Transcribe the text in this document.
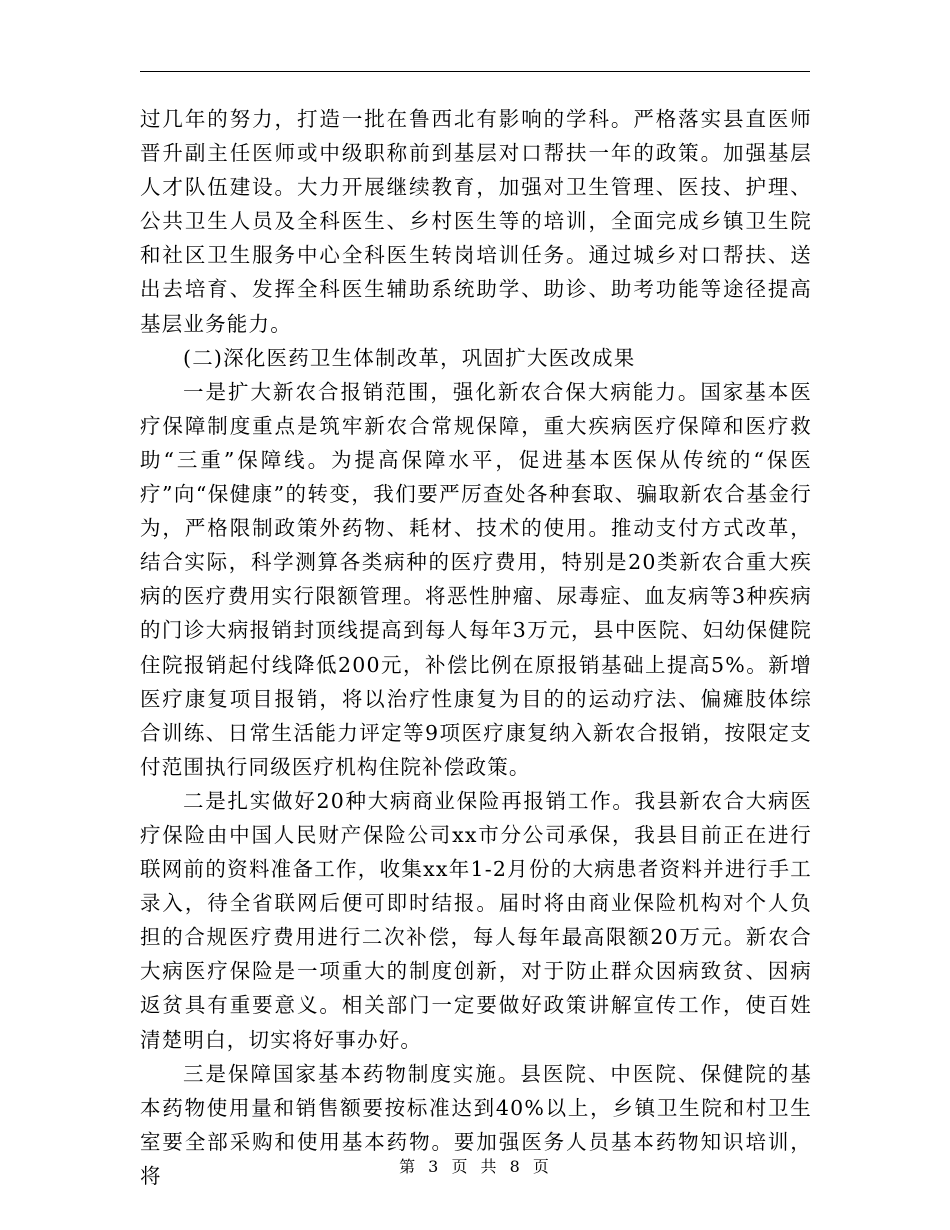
过几年的努力，打造一批在鲁西北有影响的学科。严格落实县直医师晋升副主任医师或中级职称前到基层对口帮扶一年的政策。加强基层人才队伍建设。大力开展继续教育，加强对卫生管理、医技、护理、公共卫生人员及全科医生、乡村医生等的培训，全面完成乡镇卫生院和社区卫生服务中心全科医生转岗培训任务。通过城乡对口帮扶、送出去培育、发挥全科医生辅助系统助学、助诊、助考功能等途径提高基层业务能力。

(二)深化医药卫生体制改革，巩固扩大医改成果

一是扩大新农合报销范围，强化新农合保大病能力。国家基本医疗保障制度重点是筑牢新农合常规保障，重大疾病医疗保障和医疗救助“三重”保障线。为提高保障水平，促进基本医保从传统的“保医疗”向“保健康”的转变，我们要严厉查处各种套取、骗取新农合基金行为，严格限制政策外药物、耗材、技术的使用。推动支付方式改革，结合实际，科学测算各类病种的医疗费用，特别是20类新农合重大疾病的医疗费用实行限额管理。将恶性肿瘤、尿毒症、血友病等3种疾病的门诊大病报销封顶线提高到每人每年3万元，县中医院、妇幼保健院住院报销起付线降低200元，补偿比例在原报销基础上提高5%。新增医疗康复项目报销，将以治疗性康复为目的的运动疗法、偏瘫肢体综合训练、日常生活能力评定等9项医疗康复纳入新农合报销，按限定支付范围执行同级医疗机构住院补偿政策。

二是扎实做好20种大病商业保险再报销工作。我县新农合大病医疗保险由中国人民财产保险公司xx市分公司承保，我县目前正在进行联网前的资料准备工作，收集xx年1-2月份的大病患者资料并进行手工录入，待全省联网后便可即时结报。届时将由商业保险机构对个人负担的合规医疗费用进行二次补偿，每人每年最高限额20万元。新农合大病医疗保险是一项重大的制度创新，对于防止群众因病致贫、因病返贫具有重要意义。相关部门一定要做好政策讲解宣传工作，使百姓清楚明白，切实将好事办好。

三是保障国家基本药物制度实施。县医院、中医院、保健院的基本药物使用量和销售额要按标准达到40%以上，乡镇卫生院和村卫生室要全部采购和使用基本药物。要加强医务人员基本药物知识培训，将	第 3 页 共 8 页
